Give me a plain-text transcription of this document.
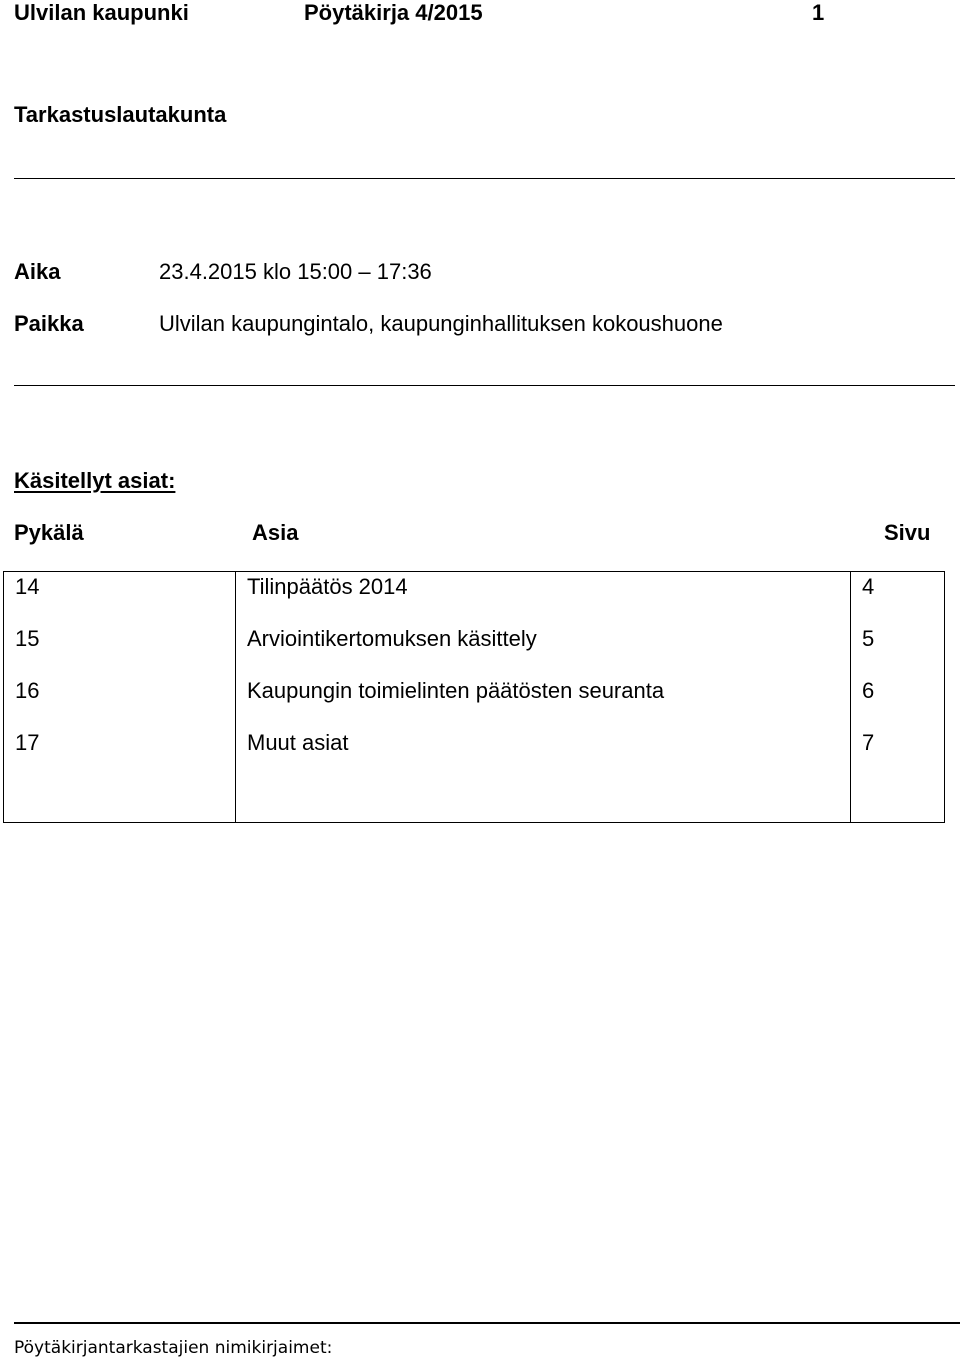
Ulvilan kaupunki	Pöytäkirja 4/2015	1
Tarkastuslautakunta
Aika	23.4.2015 klo 15:00 – 17:36
Paikka	Ulvilan kaupungintalo, kaupunginhallituksen kokoushuone
Käsitellyt asiat:
Pykälä	Asia	Sivu
14	Tilinpäätös 2014	4
15	Arviointikertomuksen käsittely	5
16	Kaupungin toimielinten päätösten seuranta	6
17	Muut asiat	7
Pöytäkirjantarkastajien nimikirjaimet:
